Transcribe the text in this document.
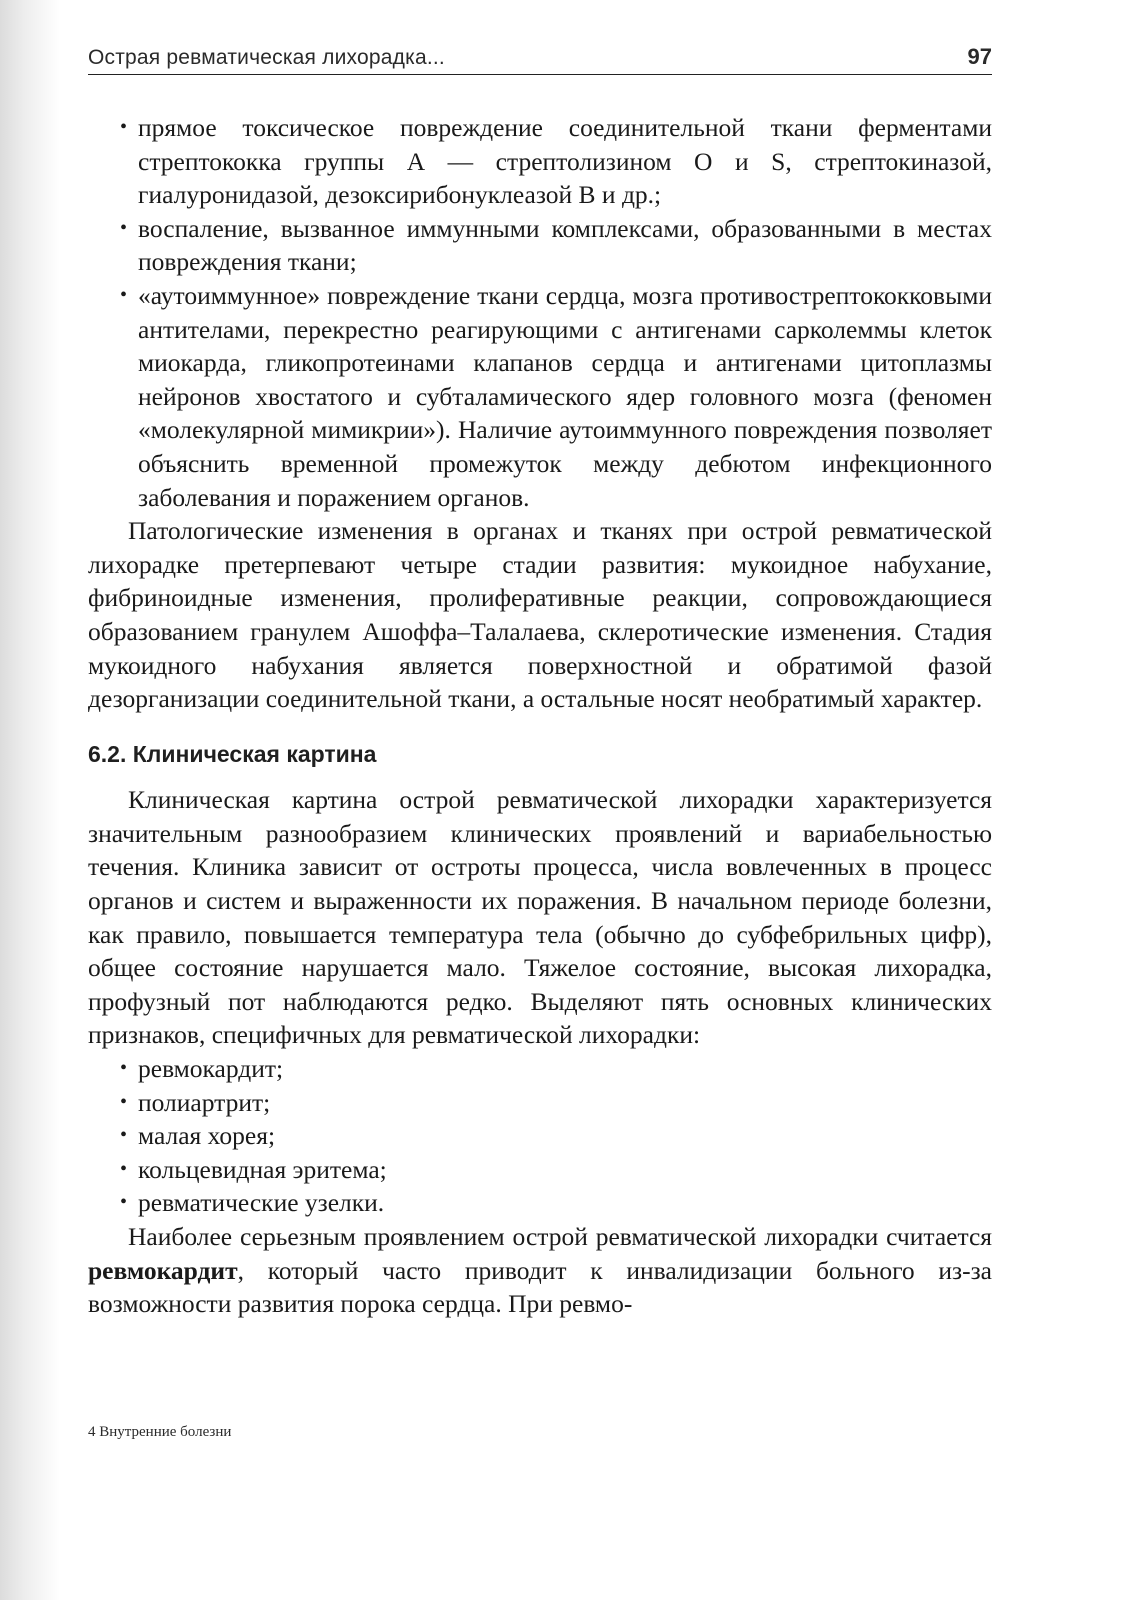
Острая ревматическая лихорадка...	97
• прямое токсическое повреждение соединительной ткани ферментами стрептококка группы А — стрептолизином О и S, стрептокиназой, гиалуронидазой, дезоксирибонуклеазой В и др.;
• воспаление, вызванное иммунными комплексами, образованными в местах повреждения ткани;
• «аутоиммунное» повреждение ткани сердца, мозга противострептококковыми антителами, перекрестно реагирующими с антигенами сарколеммы клеток миокарда, гликопротеинами клапанов сердца и антигенами цитоплазмы нейронов хвостатого и субталамического ядер головного мозга (феномен «молекулярной мимикрии»). Наличие аутоиммунного повреждения позволяет объяснить временной промежуток между дебютом инфекционного заболевания и поражением органов.

Патологические изменения в органах и тканях при острой ревматической лихорадке претерпевают четыре стадии развития: мукоидное набухание, фибриноидные изменения, пролиферативные реакции, сопровождающиеся образованием гранулем Ашоффа–Талалаева, склеротические изменения. Стадия мукоидного набухания является поверхностной и обратимой фазой дезорганизации соединительной ткани, а остальные носят необратимый характер.

6.2. Клиническая картина

Клиническая картина острой ревматической лихорадки характеризуется значительным разнообразием клинических проявлений и вариабельностью течения. Клиника зависит от остроты процесса, числа вовлеченных в процесс органов и систем и выраженности их поражения. В начальном периоде болезни, как правило, повышается температура тела (обычно до субфебрильных цифр), общее состояние нарушается мало. Тяжелое состояние, высокая лихорадка, профузный пот наблюдаются редко. Выделяют пять основных клинических признаков, специфичных для ревматической лихорадки:

• ревмокардит;
• полиартрит;
• малая хорея;
• кольцевидная эритема;
• ревматические узелки.

Наиболее серьезным проявлением острой ревматической лихорадки считается ревмокардит, который часто приводит к инвалидизации больного из-за возможности развития порока сердца. При ревмо-

4 Внутренние болезни
